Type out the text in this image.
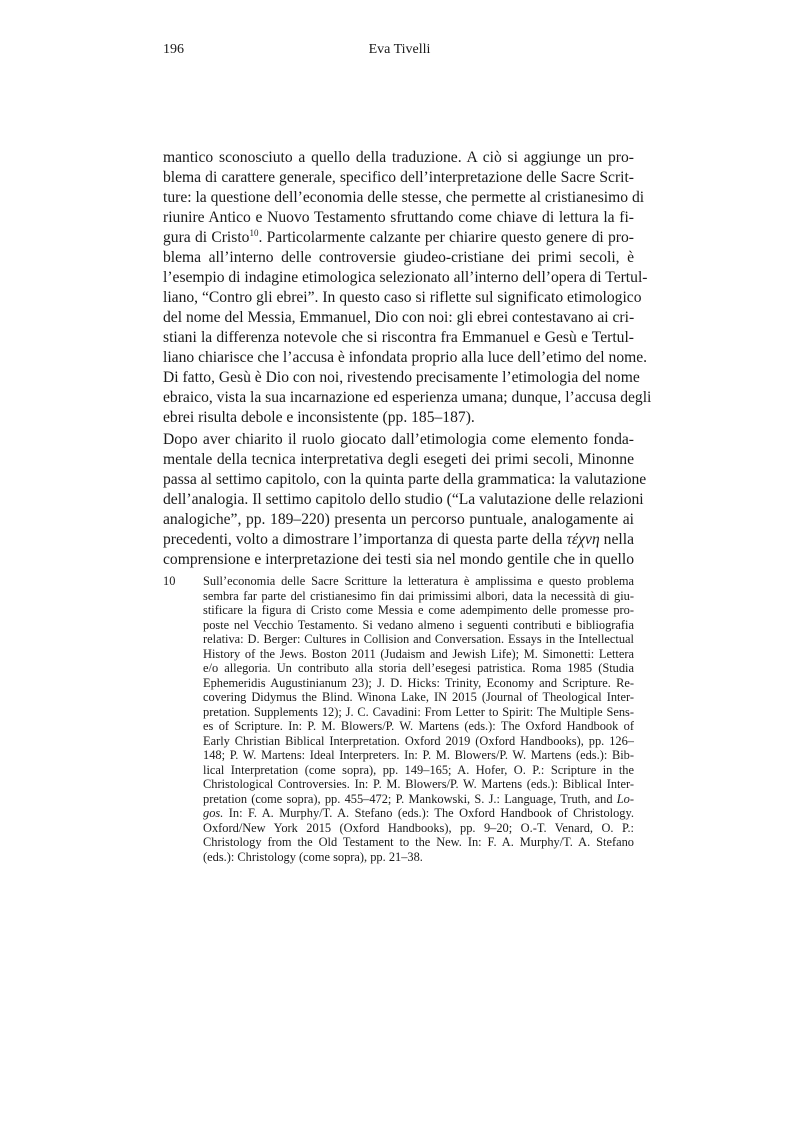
196	Eva Tivelli
mantico sconosciuto a quello della traduzione. A ciò si aggiunge un pro-
blema di carattere generale, specifico dell’interpretazione delle Sacre Scrit-
ture: la questione dell’economia delle stesse, che permette al cristianesimo di
riunire Antico e Nuovo Testamento sfruttando come chiave di lettura la fi-
gura di Cristo$^{10}$. Particolarmente calzante per chiarire questo genere di pro-
blema all’interno delle controversie giudeo-cristiane dei primi secoli, è
l’esempio di indagine etimologica selezionato all’interno dell’opera di Tertul-
liano, “Contro gli ebrei”. In questo caso si riflette sul significato etimologico
del nome del Messia, Emmanuel, Dio con noi: gli ebrei contestavano ai cri-
stiani la differenza notevole che si riscontra fra Emmanuel e Gesù e Tertul-
liano chiarisce che l’accusa è infondata proprio alla luce dell’etimo del nome.
Di fatto, Gesù è Dio con noi, rivestendo precisamente l’etimologia del nome
ebraico, vista la sua incarnazione ed esperienza umana; dunque, l’accusa degli
ebrei risulta debole e inconsistente (pp. 185–187).
Dopo aver chiarito il ruolo giocato dall’etimologia come elemento fonda-
mentale della tecnica interpretativa degli esegeti dei primi secoli, Minonne
passa al settimo capitolo, con la quinta parte della grammatica: la valutazione
dell’analogia. Il settimo capitolo dello studio (“La valutazione delle relazioni
analogiche”, pp. 189–220) presenta un percorso puntuale, analogamente ai
precedenti, volto a dimostrare l’importanza di questa parte della τέχνη nella
comprensione e interpretazione dei testi sia nel mondo gentile che in quello
10 Sull’economia delle Sacre Scritture la letteratura è amplissima e questo problema
sembra far parte del cristianesimo fin dai primissimi albori, data la necessità di giu-
stificare la figura di Cristo come Messia e come adempimento delle promesse pro-
poste nel Vecchio Testamento. Si vedano almeno i seguenti contributi e bibliografia
relativa: D. Berger: Cultures in Collision and Conversation. Essays in the Intellectual
History of the Jews. Boston 2011 (Judaism and Jewish Life); M. Simonetti: Lettera
e/o allegoria. Un contributo alla storia dell’esegesi patristica. Roma 1985 (Studia
Ephemeridis Augustinianum 23); J. D. Hicks: Trinity, Economy and Scripture. Re-
covering Didymus the Blind. Winona Lake, IN 2015 (Journal of Theological Inter-
pretation. Supplements 12); J. C. Cavadini: From Letter to Spirit: The Multiple Sens-
es of Scripture. In: P. M. Blowers/P. W. Martens (eds.): The Oxford Handbook of
Early Christian Biblical Interpretation. Oxford 2019 (Oxford Handbooks), pp. 126–
148; P. W. Martens: Ideal Interpreters. In: P. M. Blowers/P. W. Martens (eds.): Bib-
lical Interpretation (come sopra), pp. 149–165; A. Hofer, O. P.: Scripture in the
Christological Controversies. In: P. M. Blowers/P. W. Martens (eds.): Biblical Inter-
pretation (come sopra), pp. 455–472; P. Mankowski, S. J.: Language, Truth, and Lo-
gos. In: F. A. Murphy/T. A. Stefano (eds.): The Oxford Handbook of Christology.
Oxford/New York 2015 (Oxford Handbooks), pp. 9–20; O.-T. Venard, O. P.:
Christology from the Old Testament to the New. In: F. A. Murphy/T. A. Stefano
(eds.): Christology (come sopra), pp. 21–38.
